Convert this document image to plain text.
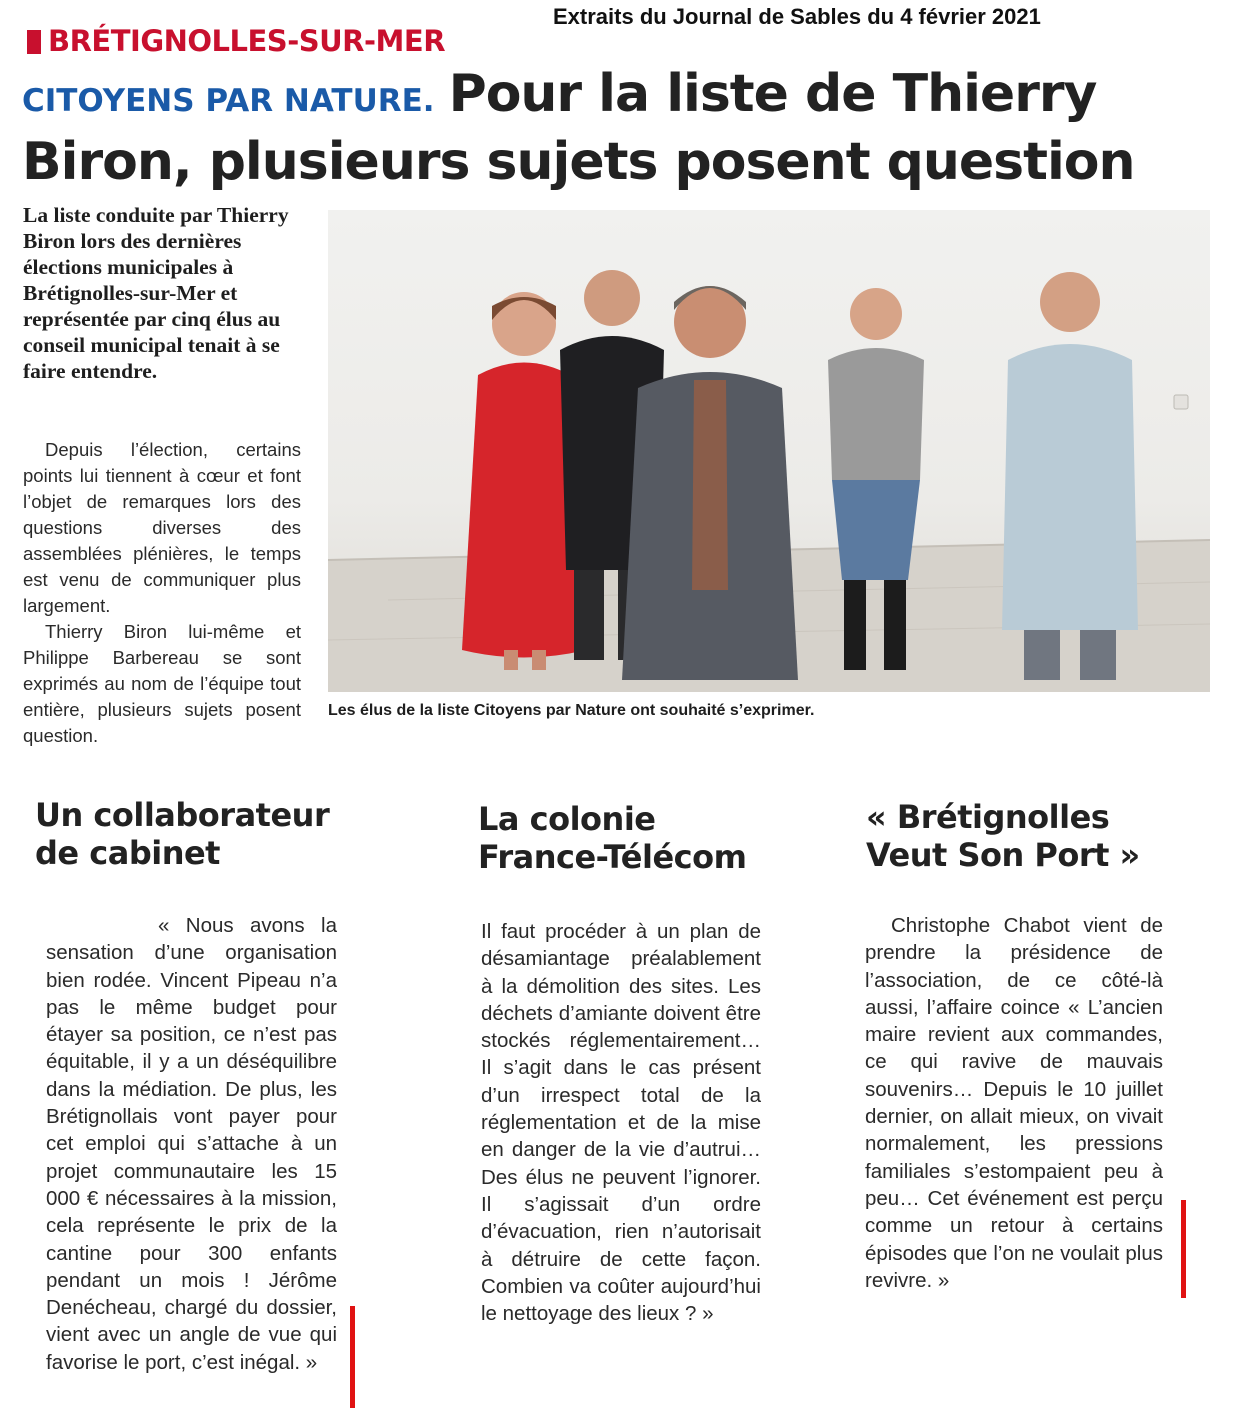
Extraits du Journal de Sables du 4 février 2021
BRÉTIGNOLLES-SUR-MER
CITOYENS PAR NATURE. Pour la liste de Thierry Biron, plusieurs sujets posent question
La liste conduite par Thierry Biron lors des dernières élections municipales à Brétignolles-sur-Mer et représentée par cinq élus au conseil municipal tenait à se faire entendre.

Depuis l’élection, certains points lui tiennent à cœur et font l’objet de remarques lors des questions diverses des assemblées plénières, le temps est venu de communiquer plus largement.

Thierry Biron lui-même et Philippe Barbereau se sont exprimés au nom de l’équipe tout entière, plusieurs sujets posent question.

Les élus de la liste Citoyens par Nature ont souhaité s’exprimer.
Un collaborateur de cabinet
« Nous avons la sensation d’une organisation bien rodée. Vincent Pipeau n’a pas le même budget pour étayer sa position, ce n’est pas équitable, il y a un déséquilibre dans la médiation. De plus, les Brétignollais vont payer pour cet emploi qui s’attache à un projet communautaire les 15 000 € nécessaires à la mission, cela représente le prix de la cantine pour 300 enfants pendant un mois ! Jérôme Denécheau, chargé du dossier, vient avec un angle de vue qui favorise le port, c’est inégal. »
La colonie France-Télécom
Il faut procéder à un plan de désamiantage préalablement à la démolition des sites. Les déchets d’amiante doivent être stockés réglementairement… Il s’agit dans le cas présent d’un irrespect total de la réglementation et de la mise en danger de la vie d’autrui… Des élus ne peuvent l’ignorer. Il s’agissait d’un ordre d’évacuation, rien n’autorisait à détruire de cette façon. Combien va coûter aujourd’hui le nettoyage des lieux ? »
« Brétignolles Veut Son Port »
Christophe Chabot vient de prendre la présidence de l’association, de ce côté-là aussi, l’affaire coince « L’ancien maire revient aux commandes, ce qui ravive de mauvais souvenirs… Depuis le 10 juillet dernier, on allait mieux, on vivait normalement, les pressions familiales s’estompaient peu à peu… Cet événement est perçu comme un retour à certains épisodes que l’on ne voulait plus revivre. »
